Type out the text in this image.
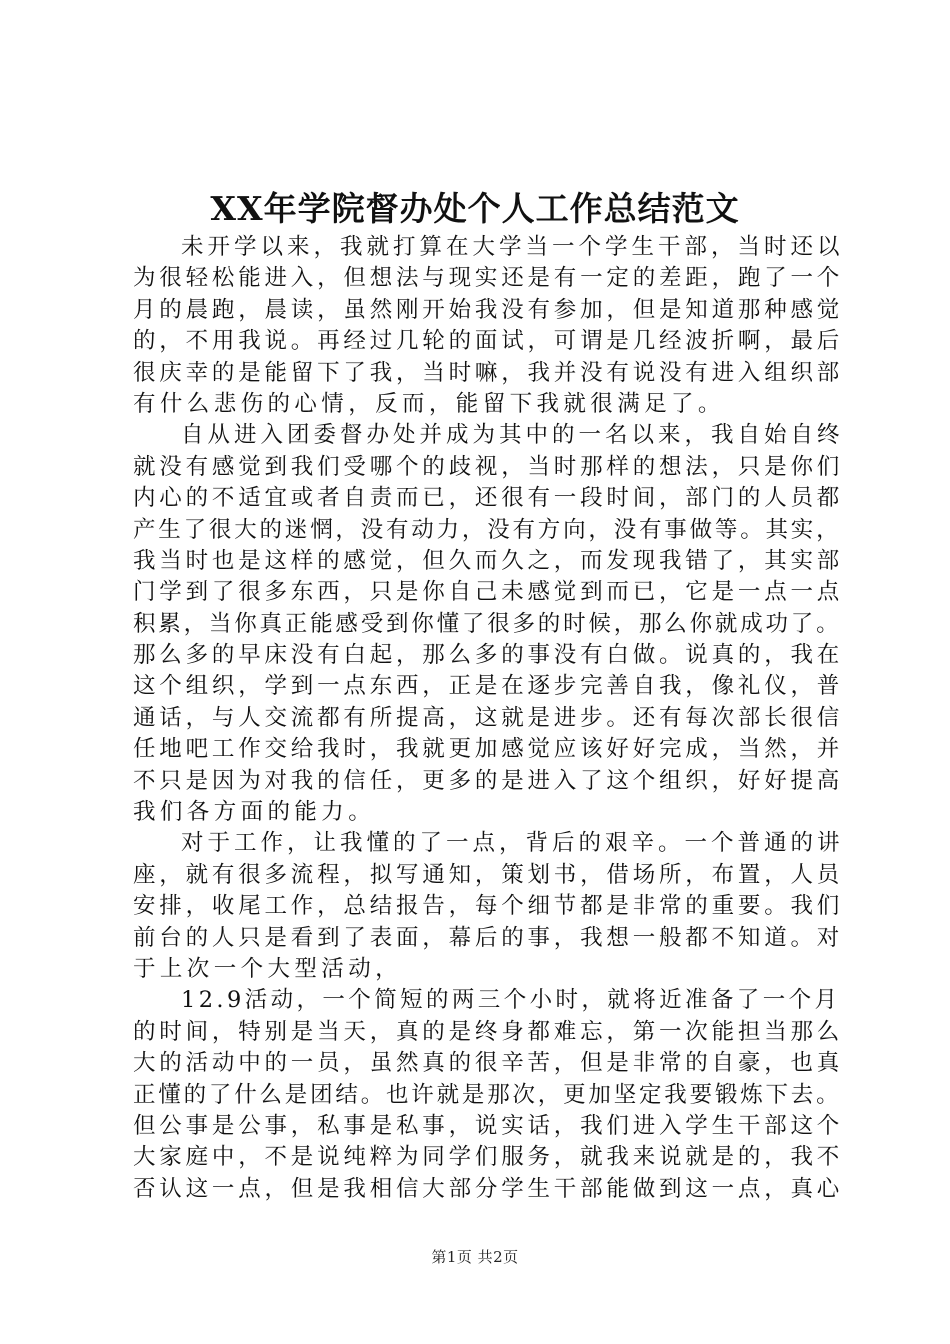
XX年学院督办处个人工作总结范文
未开学以来，我就打算在大学当一个学生干部，当时还以
为很轻松能进入，但想法与现实还是有一定的差距，跑了一个
月的晨跑，晨读，虽然刚开始我没有参加，但是知道那种感觉
的，不用我说。再经过几轮的面试，可谓是几经波折啊，最后
很庆幸的是能留下了我，当时嘛，我并没有说没有进入组织部
有什么悲伤的心情，反而，能留下我就很满足了。
自从进入团委督办处并成为其中的一名以来，我自始自终
就没有感觉到我们受哪个的歧视，当时那样的想法，只是你们
内心的不适宜或者自责而已，还很有一段时间，部门的人员都
产生了很大的迷惘，没有动力，没有方向，没有事做等。其实，
我当时也是这样的感觉，但久而久之，而发现我错了，其实部
门学到了很多东西，只是你自己未感觉到而已，它是一点一点
积累，当你真正能感受到你懂了很多的时候，那么你就成功了。
那么多的早床没有白起，那么多的事没有白做。说真的，我在
这个组织，学到一点东西，正是在逐步完善自我，像礼仪，普
通话，与人交流都有所提高，这就是进步。还有每次部长很信
任地吧工作交给我时，我就更加感觉应该好好完成，当然，并
不只是因为对我的信任，更多的是进入了这个组织，好好提高
我们各方面的能力。
对于工作，让我懂的了一点，背后的艰辛。一个普通的讲
座，就有很多流程，拟写通知，策划书，借场所，布置，人员
安排，收尾工作，总结报告，每个细节都是非常的重要。我们
前台的人只是看到了表面，幕后的事，我想一般都不知道。对
于上次一个大型活动，
12.9活动，一个简短的两三个小时，就将近准备了一个月
的时间，特别是当天，真的是终身都难忘，第一次能担当那么
大的活动中的一员，虽然真的很辛苦，但是非常的自豪，也真
正懂的了什么是团结。也许就是那次，更加坚定我要锻炼下去。
但公事是公事，私事是私事，说实话，我们进入学生干部这个
大家庭中，不是说纯粹为同学们服务，就我来说就是的，我不
否认这一点，但是我相信大部分学生干部能做到这一点，真心
第1页 共2页
